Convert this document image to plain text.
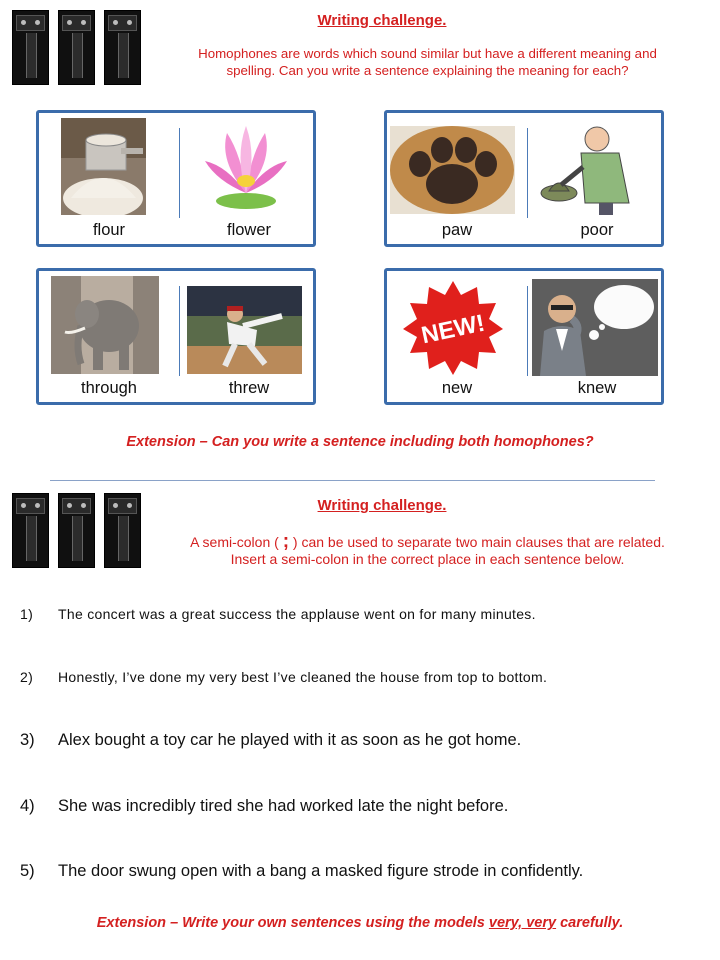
Writing challenge.
Homophones are words which sound similar but have a different meaning and
spelling. Can you write a sentence explaining the meaning for each?
flour	flower	paw	poor
through	threw
NEW!
new	knew
Extension – Can you write a sentence including both homophones?
Writing challenge.
A semi-colon ( ; ) can be used to separate two main clauses that are related.
Insert a semi-colon in the correct place in each sentence below.
1) The concert was a great success the applause went on for many minutes.
2) Honestly, I’ve done my very best I’ve cleaned the house from top to bottom.
3) Alex bought a toy car he played with it as soon as he got home.
4) She was incredibly tired she had worked late the night before.
5) The door swung open with a bang a masked figure strode in confidently.
Extension – Write your own sentences using the models very, very carefully.
